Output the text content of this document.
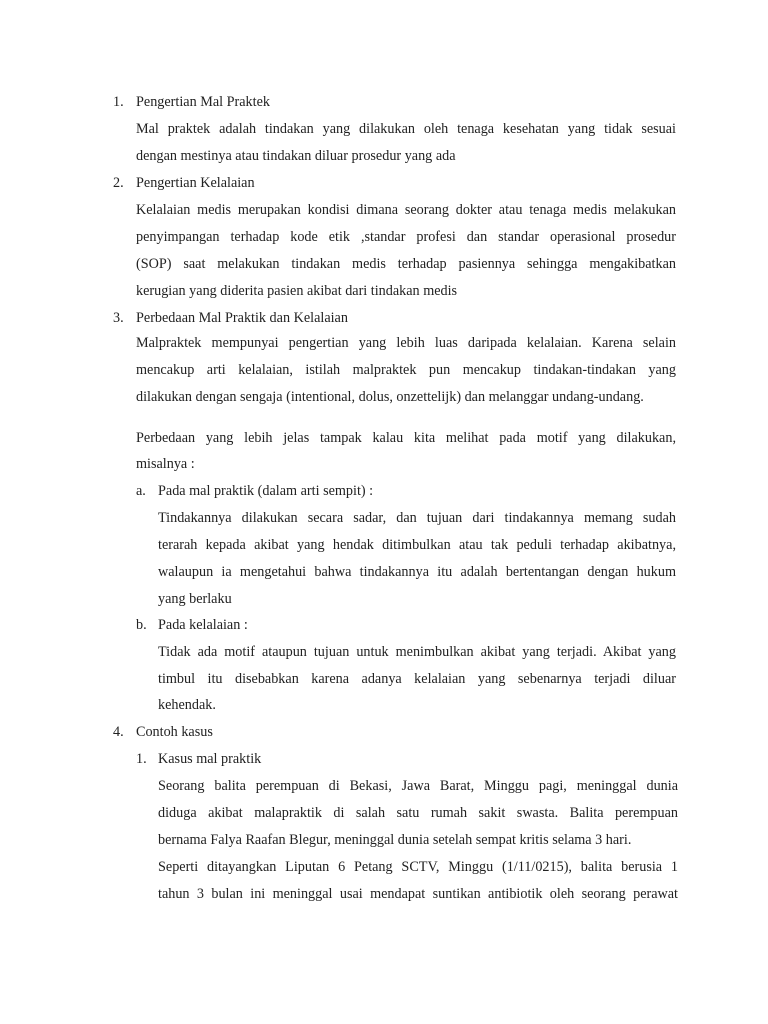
1. Pengertian Mal Praktek
Mal praktek adalah tindakan yang dilakukan oleh tenaga kesehatan yang tidak sesuai
dengan mestinya atau tindakan diluar prosedur yang ada
2. Pengertian Kelalaian
Kelalaian medis merupakan kondisi dimana seorang dokter atau tenaga medis melakukan
penyimpangan terhadap kode etik ,standar profesi dan standar operasional prosedur
(SOP) saat melakukan tindakan medis terhadap pasiennya sehingga mengakibatkan
kerugian yang diderita pasien akibat dari tindakan medis
3. Perbedaan Mal Praktik dan Kelalaian
Malpraktek mempunyai pengertian yang lebih luas daripada kelalaian. Karena selain
mencakup arti kelalaian, istilah malpraktek pun mencakup tindakan-tindakan yang
dilakukan dengan sengaja (intentional, dolus, onzettelijk) dan melanggar undang-undang.
Perbedaan yang lebih jelas tampak kalau kita melihat pada motif yang dilakukan,
misalnya :
a. Pada mal praktik (dalam arti sempit) :
Tindakannya dilakukan secara sadar, dan tujuan dari tindakannya memang sudah
terarah kepada akibat yang hendak ditimbulkan atau tak peduli terhadap akibatnya,
walaupun ia mengetahui bahwa tindakannya itu adalah bertentangan dengan hukum
yang berlaku
b. Pada kelalaian :
Tidak ada motif ataupun tujuan untuk menimbulkan akibat yang terjadi. Akibat yang
timbul itu disebabkan karena adanya kelalaian yang sebenarnya terjadi diluar
kehendak.
4. Contoh kasus
1. Kasus mal praktik
Seorang balita perempuan di Bekasi, Jawa Barat, Minggu pagi, meninggal dunia
diduga akibat malapraktik di salah satu rumah sakit swasta. Balita perempuan
bernama Falya Raafan Blegur, meninggal dunia setelah sempat kritis selama 3 hari.
Seperti ditayangkan Liputan 6 Petang SCTV, Minggu (1/11/0215), balita berusia 1
tahun 3 bulan ini meninggal usai mendapat suntikan antibiotik oleh seorang perawat
